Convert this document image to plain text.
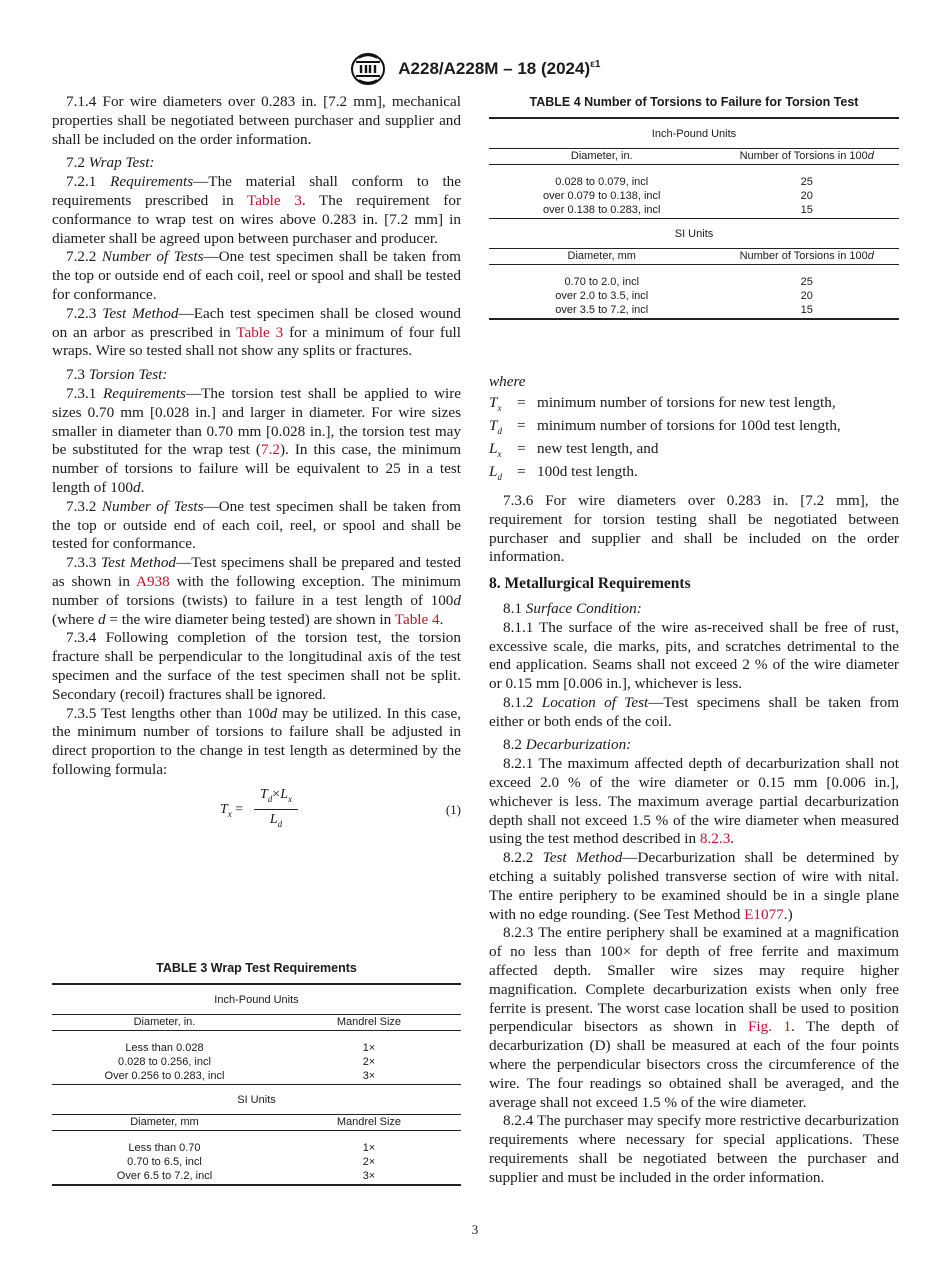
A228/A228M – 18 $(2024)^{\varepsilon 1}$

7.1.4 For wire diameters over 0.283 in. [7.2 mm], mechanical properties shall be negotiated between purchaser and supplier and shall be included on the order information.

7.2 Wrap Test:

7.2.1 Requirements—The material shall conform to the requirements prescribed in Table 3. The requirement for conformance to wrap test on wires above 0.283 in. [7.2 mm] in diameter shall be agreed upon between purchaser and producer.

7.2.2 Number of Tests—One test specimen shall be taken from the top or outside end of each coil, reel or spool and shall be tested for conformance.

7.2.3 Test Method—Each test specimen shall be closed wound on an arbor as prescribed in Table 3 for a minimum of four full wraps. Wire so tested shall not show any splits or fractures.

7.3 Torsion Test:

7.3.1 Requirements—The torsion test shall be applied to wire sizes 0.70 mm [0.028 in.] and larger in diameter. For wire sizes smaller in diameter than 0.70 mm [0.028 in.], the torsion test may be substituted for the wrap test (7.2). In this case, the minimum number of torsions to failure will be equivalent to 25 in a test length of 100d.

7.3.2 Number of Tests—One test specimen shall be taken from the top or outside end of each coil, reel, or spool and shall be tested for conformance.

7.3.3 Test Method—Test specimens shall be prepared and tested as shown in A938 with the following exception. The minimum number of torsions (twists) to failure in a test length of 100d (where d = the wire diameter being tested) are shown in Table 4.

7.3.4 Following completion of the torsion test, the torsion fracture shall be perpendicular to the longitudinal axis of the test specimen and the surface of the test specimen shall not be split. Secondary (recoil) fractures shall be ignored.

7.3.5 Test lengths other than 100d may be utilized. In this case, the minimum number of torsions to failure shall be adjusted in direct proportion to the change in test length as determined by the following formula:

$T_x = \frac{T_d\times L_x}{L_d}$	(1)
TABLE 3 Wrap Test Requirements
Inch-Pound Units	
Diameter, in.	Mandrel Size

Less than 0.028	1×
0.028 to 0.256, incl	2×
Over 0.256 to 0.283, incl	3×
SI Units	
Diameter, mm	Mandrel Size

Less than 0.70	1×
0.70 to 6.5, incl	2×
Over 6.5 to 7.2, incl	3×
TABLE 4 Number of Torsions to Failure for Torsion Test
Inch-Pound Units	
Diameter, in.	Number of Torsions in 100d

0.028 to 0.079, incl	25
over 0.079 to 0.138, incl	20
over 0.138 to 0.283, incl	15
SI Units	
Diameter, mm	Number of Torsions in 100d

0.70 to 2.0, incl	25
over 2.0 to 3.5, incl	20
over 3.5 to 7.2, incl	15
where
$T_x$	= minimum number of torsions for new test length,
$T_d$ = minimum number of torsions for 100d test length,
$L_x$	= new test length, and
$L_d = 100d$ test length.

7.3.6 For wire diameters over 0.283 in. [7.2 mm], the requirement for torsion testing shall be negotiated between purchaser and supplier and shall be included on the order information.

8. Metallurgical Requirements

8.1 Surface Condition:

8.1.1 The surface of the wire as-received shall be free of rust, excessive scale, die marks, pits, and scratches detrimental to the end application. Seams shall not exceed 2 % of the wire diameter or 0.15 mm [0.006 in.], whichever is less.

8.1.2 Location of Test—Test specimens shall be taken from either or both ends of the coil.

8.2 Decarburization:

8.2.1 The maximum affected depth of decarburization shall not exceed 2.0 % of the wire diameter or 0.15 mm [0.006 in.], whichever is less. The maximum average partial decarburization depth shall not exceed 1.5 % of the wire diameter when measured using the test method described in 8.2.3.

8.2.2 Test Method—Decarburization shall be determined by etching a suitably polished transverse section of wire with nital. The entire periphery to be examined should be in a single plane with no edge rounding. (See Test Method E1077.)

8.2.3 The entire periphery shall be examined at a magnification of no less than 100× for depth of free ferrite and maximum affected depth. Smaller wire sizes may require higher magnification. Complete decarburization exists when only free ferrite is present. The worst case location shall be used to position perpendicular bisectors as shown in Fig. 1. The depth of decarburization (D) shall be measured at each of the four points where the perpendicular bisectors cross the circumference of the wire. The four readings so obtained shall be averaged, and the average shall not exceed 1.5 % of the wire diameter.

8.2.4 The purchaser may specify more restrictive decarburization requirements where necessary for special applications. These requirements shall be negotiated between the purchaser and supplier and must be included in the order information.

3
